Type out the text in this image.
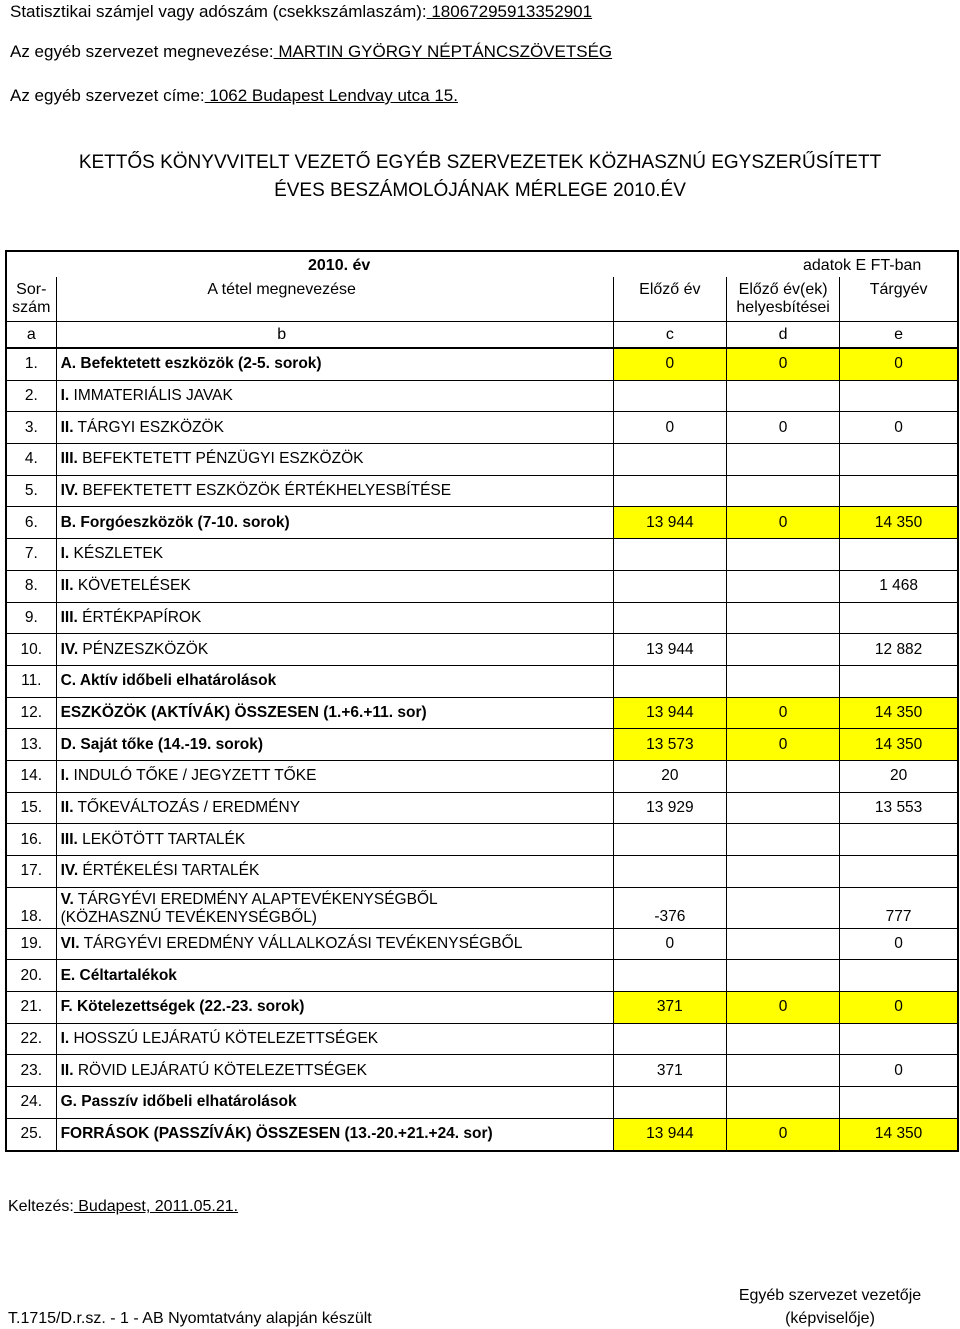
Statisztikai számjel vagy adószám (csekkszámlaszám): 18067295913352901
Az egyéb szervezet megnevezése: MARTIN GYÖRGY NÉPTÁNCSZÖVETSÉG
Az egyéb szervezet címe: 1062 Budapest Lendvay utca 15.
KETTŐS KÖNYVVITELT VEZETŐ EGYÉB SZERVEZETEK KÖZHASZNÚ EGYSZERŰSÍTETT
ÉVES BESZÁMOLÓJÁNAK MÉRLEGE 2010.ÉV
2010. év	adatok E FT-ban

Sor-	A tétel megnevezése	Előző év	Előző év(ek)	Tárgyév
szám			helyesbítései	
a	b	c	d	e
1.	A. Befektetett eszközök (2-5. sorok)	0	0	0
2.	I. IMMATERIÁLIS JAVAK			
3.	II. TÁRGYI ESZKÖZÖK	0	0	0
4.	III. BEFEKTETETT PÉNZÜGYI ESZKÖZÖK			
5.	IV. BEFEKTETETT ESZKÖZÖK ÉRTÉKHELYESBÍTÉSE			
6.	B. Forgóeszközök (7-10. sorok)	13 944	0	14 350
7.	I. KÉSZLETEK			
8.	II. KÖVETELÉSEK			1 468
9.	III. ÉRTÉKPAPÍROK			
10.	IV. PÉNZESZKÖZÖK	13 944		12 882
11.	C. Aktív időbeli elhatárolások			
12.	ESZKÖZÖK (AKTÍVÁK) ÖSSZESEN (1.+6.+11. sor)	13 944	0	14 350
13.	D. Saját tőke (14.-19. sorok)	13 573	0	14 350
14.	I. INDULÓ TŐKE / JEGYZETT TŐKE	20		20
15.	II. TŐKEVÁLTOZÁS / EREDMÉNY	13 929		13 553
16.	III. LEKÖTÖTT TARTALÉK			
17.	IV. ÉRTÉKELÉSI TARTALÉK			
18.	V. TÁRGYÉVI EREDMÉNY ALAPTEVÉKENYSÉGBŐL
(KÖZHASZNÚ TEVÉKENYSÉGBŐL)	-376		777
19.	VI. TÁRGYÉVI EREDMÉNY VÁLLALKOZÁSI TEVÉKENYSÉGBŐL	0		0
20.	E. Céltartalékok			
21.	F. Kötelezettségek (22.-23. sorok)	371	0	0
22.	I. HOSSZÚ LEJÁRATÚ KÖTELEZETTSÉGEK			
23.	II. RÖVID LEJÁRATÚ KÖTELEZETTSÉGEK	371		0
24.	G. Passzív időbeli elhatárolások			
25.	FORRÁSOK (PASSZÍVÁK) ÖSSZESEN (13.-20.+21.+24. sor)	13 944	0	14 350
Keltezés: Budapest, 2011.05.21.
T.1715/D.r.sz. - 1 - AB Nyomtatvány alapján készült
Egyéb szervezet vezetője
(képviselője)
